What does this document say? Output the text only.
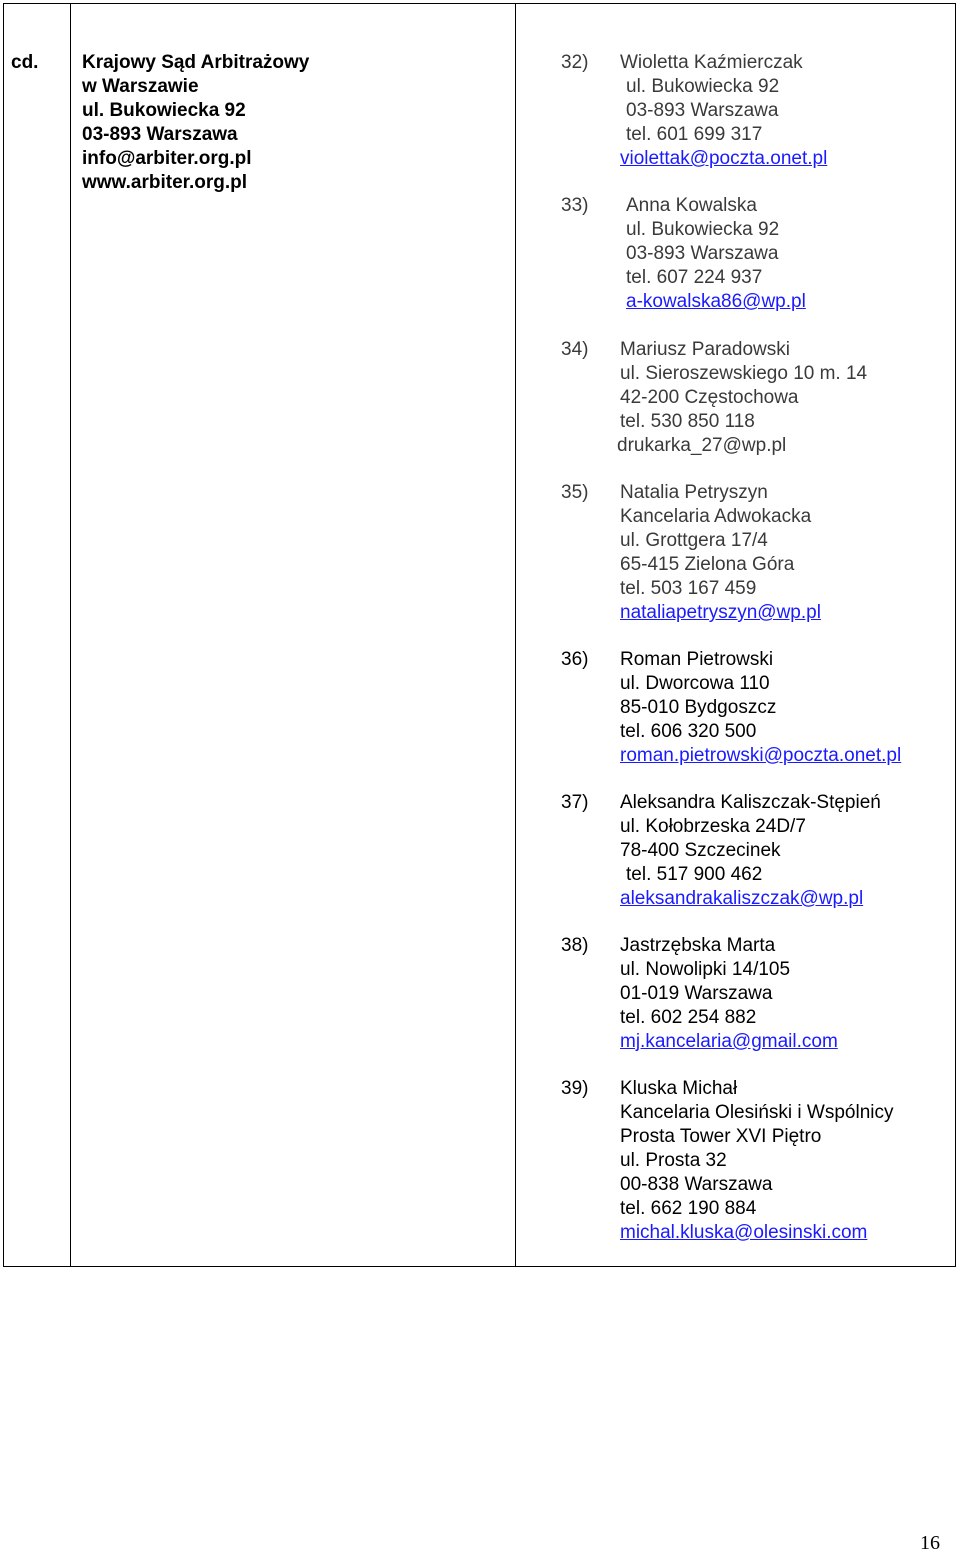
cd. Krajowy Sąd Arbitrażowy
w Warszawie
ul. Bukowiecka 92
03-893 Warszawa
info@arbiter.org.pl
www.arbiter.org.pl
32) Wioletta Kaźmierczak
ul. Bukowiecka 92
03-893 Warszawa
tel. 601 699 317
violettak@poczta.onet.pl
33) Anna Kowalska
ul. Bukowiecka 92
03-893 Warszawa
tel. 607 224 937
a-kowalska86@wp.pl
34) Mariusz Paradowski
ul. Sieroszewskiego 10 m. 14
42-200 Częstochowa
tel. 530 850 118
drukarka_27@wp.pl
35) Natalia Petryszyn
Kancelaria Adwokacka
ul. Grottgera 17/4
65-415 Zielona Góra
tel. 503 167 459
nataliapetryszyn@wp.pl
36) Roman Pietrowski
ul. Dworcowa 110
85-010 Bydgoszcz
tel. 606 320 500
roman.pietrowski@poczta.onet.pl
37) Aleksandra Kaliszczak-Stępień
ul. Kołobrzeska 24D/7
78-400 Szczecinek
tel. 517 900 462
aleksandrakaliszczak@wp.pl
38) Jastrzębska Marta
ul. Nowolipki 14/105
01-019 Warszawa
tel. 602 254 882
mj.kancelaria@gmail.com
39) Kluska Michał
Kancelaria Olesiński i Wspólnicy
Prosta Tower XVI Piętro
ul. Prosta 32
00-838 Warszawa
tel. 662 190 884
michal.kluska@olesinski.com
16
